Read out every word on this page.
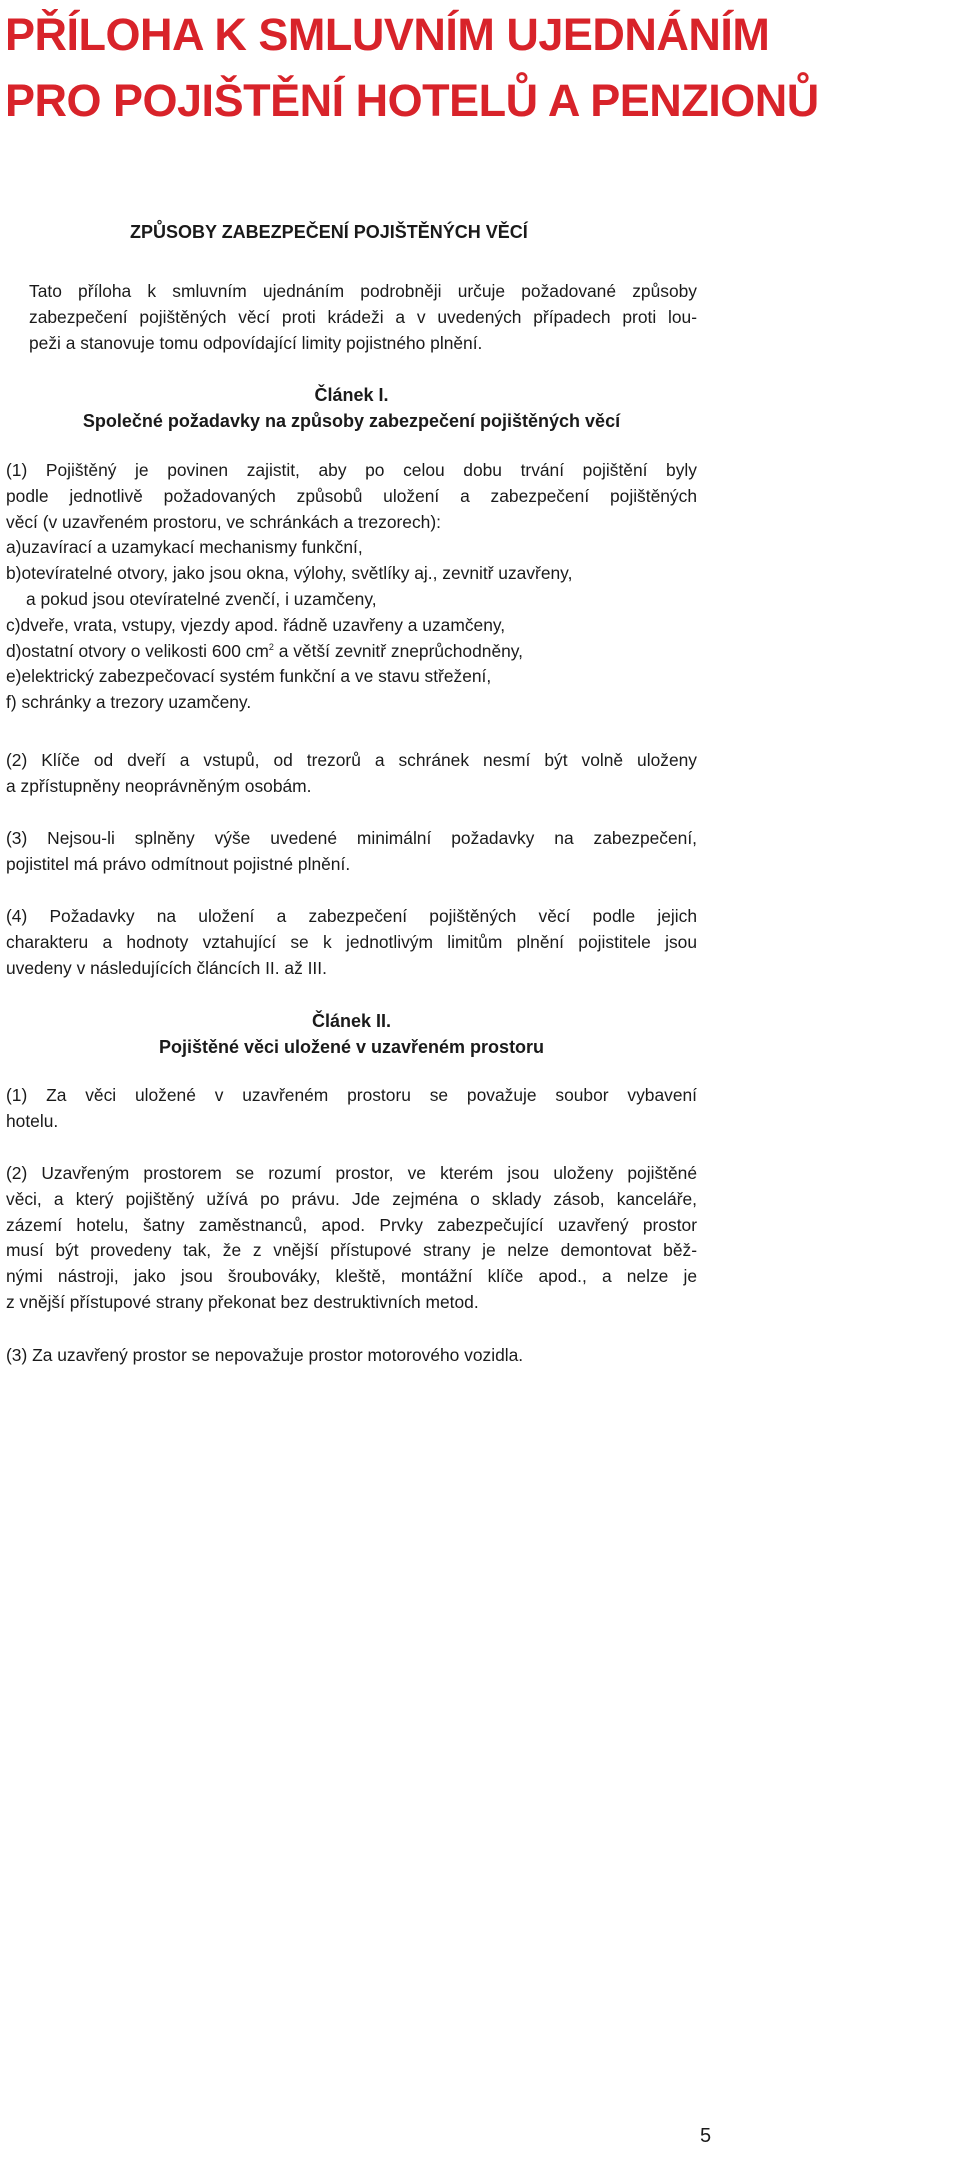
PŘÍLOHA K SMLUVNÍM UJEDNÁNÍM
PRO POJIŠTĚNÍ HOTELŮ A PENZIONŮ
ZPŮSOBY ZABEZPEČENÍ POJIŠTĚNÝCH VĚCÍ

Tato příloha k smluvním ujednáním podrobněji určuje požadované způsoby
zabezpečení pojištěných věcí proti krádeži a v uvedených případech proti lou-
peži a stanovuje tomu odpovídající limity pojistného plnění.

Článek I.
Společné požadavky na způsoby zabezpečení pojištěných věcí

(1) Pojištěný je povinen zajistit, aby po celou dobu trvání pojištění byly
podle jednotlivě požadovaných způsobů uložení a zabezpečení pojištěných
věcí (v uzavřeném prostoru, ve schránkách a trezorech):

a)uzavírací a uzamykací mechanismy funkční,
b)otevíratelné otvory, jako jsou okna, výlohy, světlíky aj., zevnitř uzavřeny,
a pokud jsou otevíratelné zvenčí, i uzamčeny,
c)dveře, vrata, vstupy, vjezdy apod. řádně uzavřeny a uzamčeny,
d)ostatní otvory o velikosti 600 $cm^2$ a větší zevnitř zneprůchodněny,
e)elektrický zabezpečovací systém funkční a ve stavu střežení,
f) schránky a trezory uzamčeny.

(2) Klíče od dveří a vstupů, od trezorů a schránek nesmí být volně uloženy
a zpřístupněny neoprávněným osobám.

(3) Nejsou-li splněny výše uvedené minimální požadavky na zabezpečení,
pojistitel má právo odmítnout pojistné plnění.

(4) Požadavky na uložení a zabezpečení pojištěných věcí podle jejich
charakteru a hodnoty vztahující se k jednotlivým limitům plnění pojistitele jsou
uvedeny v následujících článcích II. až III.

Článek II.
Pojištěné věci uložené v uzavřeném prostoru

(1) Za věci uložené v uzavřeném prostoru se považuje soubor vybavení
hotelu.

(2) Uzavřeným prostorem se rozumí prostor, ve kterém jsou uloženy pojištěné
věci, a který pojištěný užívá po právu. Jde zejména o sklady zásob, kanceláře,
zázemí hotelu, šatny zaměstnanců, apod. Prvky zabezpečující uzavřený prostor
musí být provedeny tak, že z vnější přístupové strany je nelze demontovat běž-
nými nástroji, jako jsou šroubováky, kleště, montážní klíče apod., a nelze je
z vnější přístupové strany překonat bez destruktivních metod.

(3) Za uzavřený prostor se nepovažuje prostor motorového vozidla.

5
